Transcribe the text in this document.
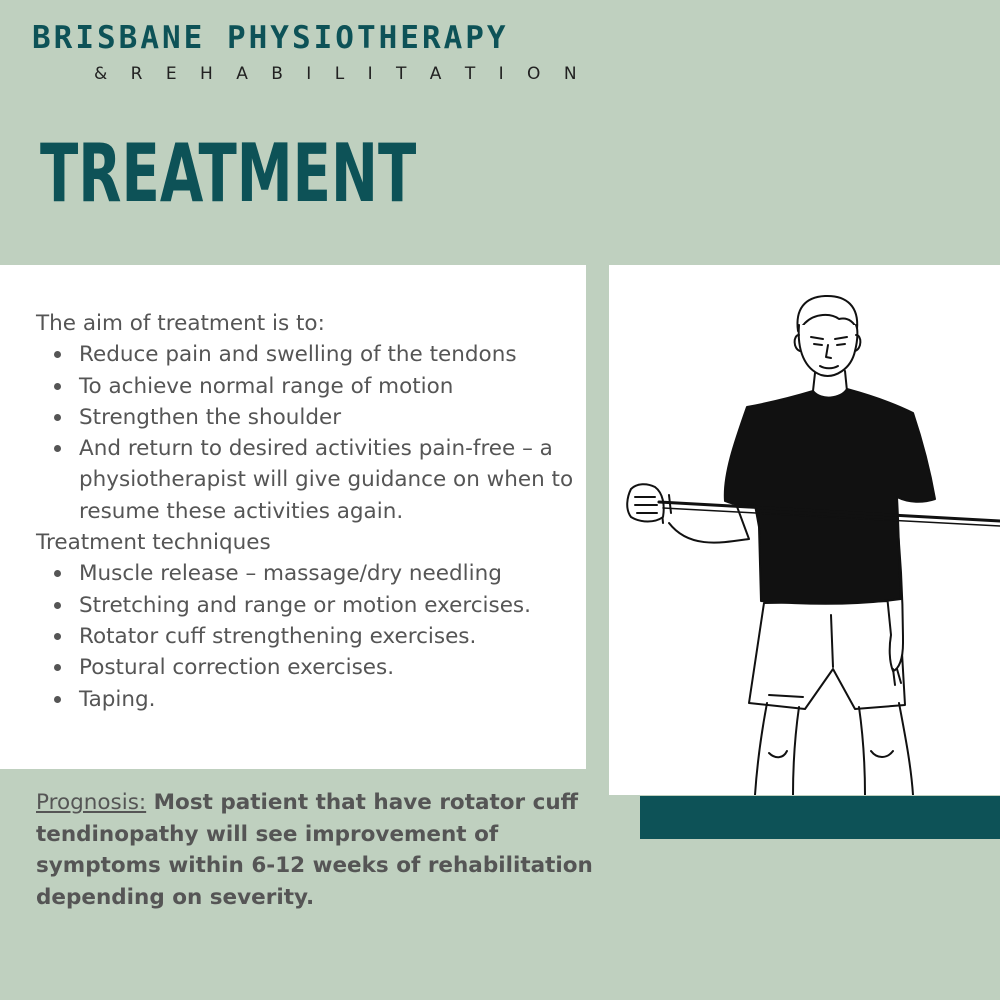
BRISBANE PHYSIOTHERAPY
& R E H A B I L I T A T I O N
TREATMENT

The aim of treatment is to:

Reduce pain and swelling of the tendons
To achieve normal range of motion
Strengthen the shoulder
And return to desired activities pain-free – a physiotherapist will give guidance on when to resume these activities again.

Treatment techniques

Muscle release – massage/dry needling
Stretching and range or motion exercises.
Rotator cuff strengthening exercises.
Postural correction exercises.
Taping.

Prognosis: Most patient that have rotator cuff tendinopathy will see improvement of symptoms within 6-12 weeks of rehabilitation depending on severity.
